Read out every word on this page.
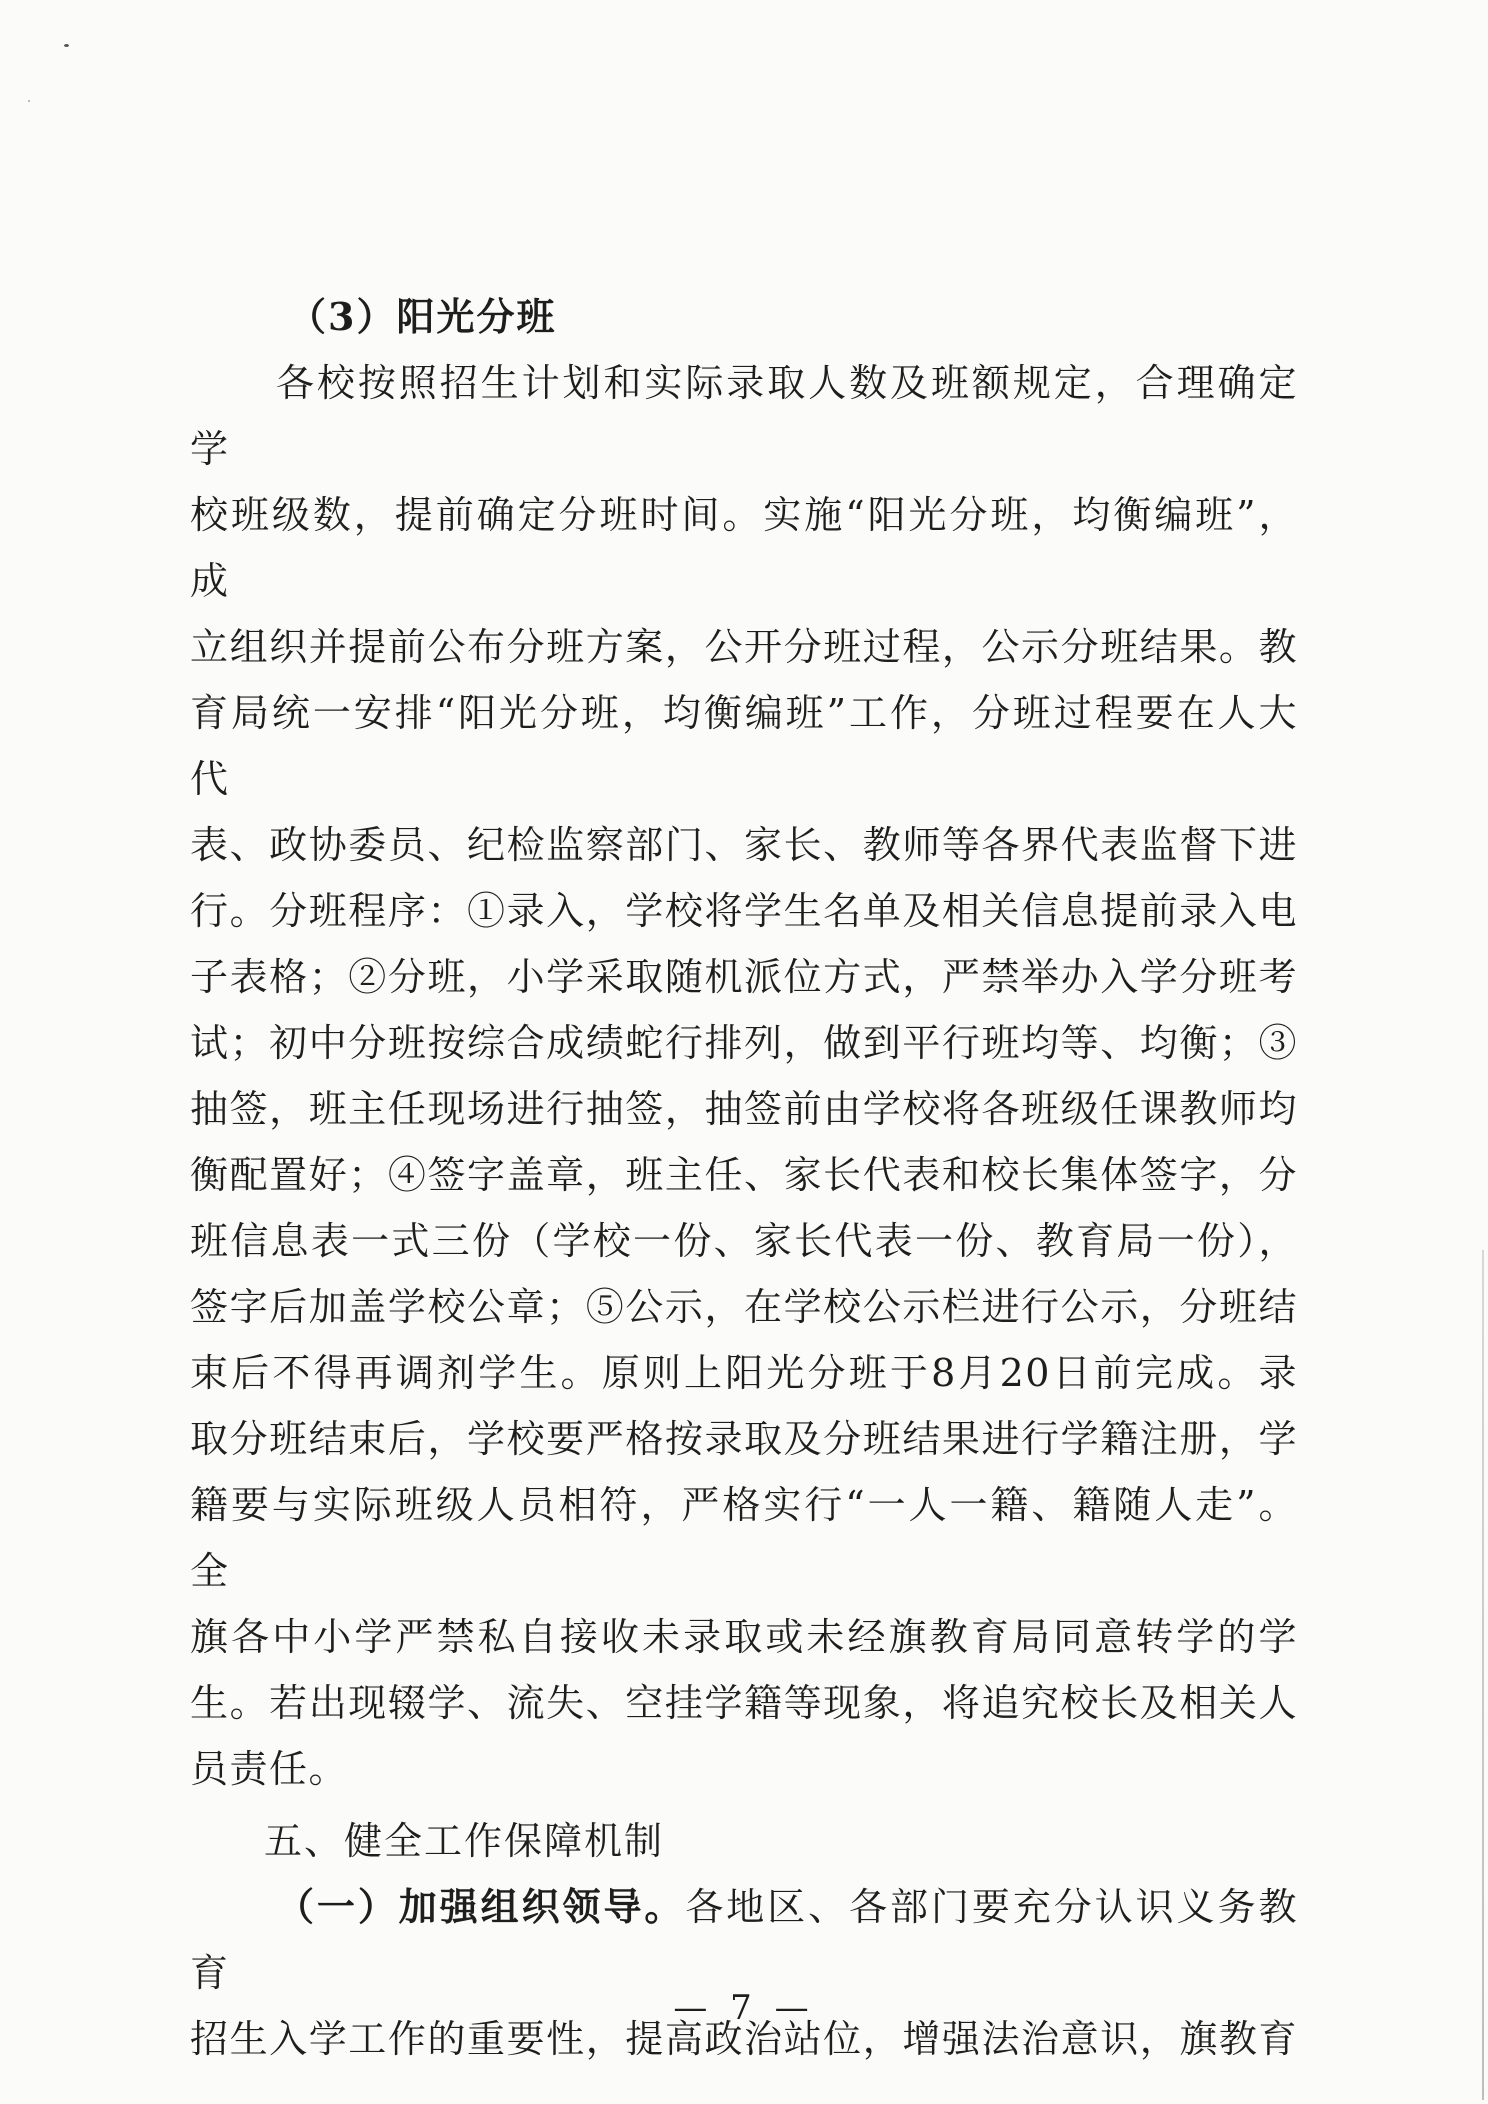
（3）阳光分班

各校按照招生计划和实际录取人数及班额规定，合理确定学

校班级数，提前确定分班时间。实施“阳光分班，均衡编班”，成

立组织并提前公布分班方案，公开分班过程，公示分班结果。教

育局统一安排“阳光分班，均衡编班”工作，分班过程要在人大代

表、政协委员、纪检监察部门、家长、教师等各界代表监督下进

行。分班程序：①录入，学校将学生名单及相关信息提前录入电

子表格；②分班，小学采取随机派位方式，严禁举办入学分班考

试；初中分班按综合成绩蛇行排列，做到平行班均等、均衡；③

抽签，班主任现场进行抽签，抽签前由学校将各班级任课教师均

衡配置好；④签字盖章，班主任、家长代表和校长集体签字，分

班信息表一式三份（学校一份、家长代表一份、教育局一份），

签字后加盖学校公章；⑤公示，在学校公示栏进行公示，分班结

束后不得再调剂学生。原则上阳光分班于8月20日前完成。录

取分班结束后，学校要严格按录取及分班结果进行学籍注册，学

籍要与实际班级人员相符，严格实行“一人一籍、籍随人走”。全

旗各中小学严禁私自接收未录取或未经旗教育局同意转学的学

生。若出现辍学、流失、空挂学籍等现象，将追究校长及相关人

员责任。

五、健全工作保障机制

（一）加强组织领导。各地区、各部门要充分认识义务教育

招生入学工作的重要性，提高政治站位，增强法治意识，旗教育

— 7 —
